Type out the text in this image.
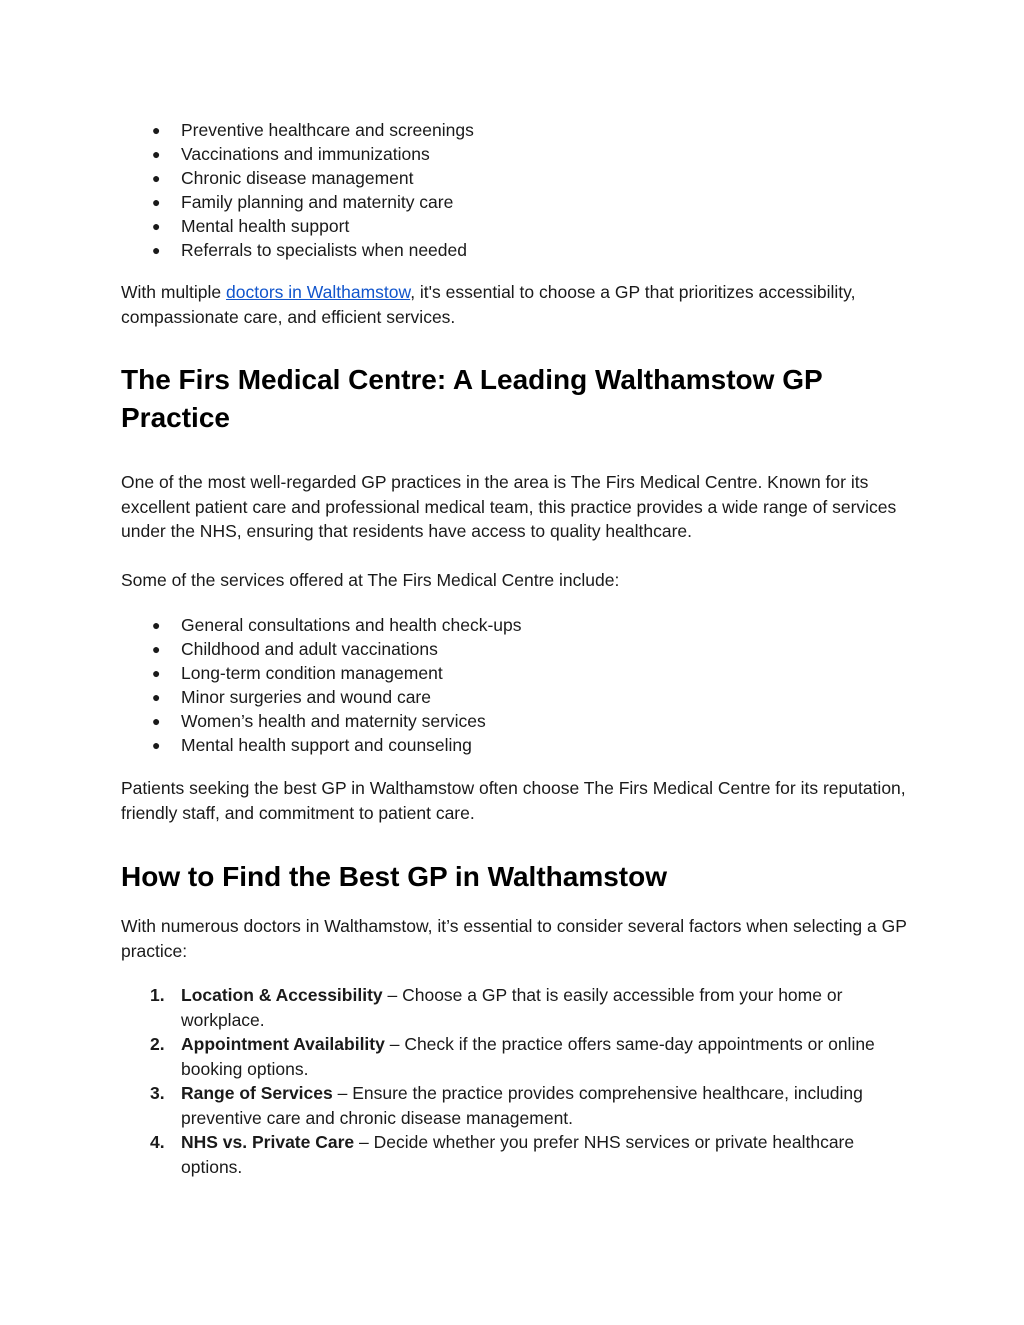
● Preventive healthcare and screenings
● Vaccinations and immunizations
● Chronic disease management
● Family planning and maternity care
● Mental health support
● Referrals to specialists when needed

With multiple doctors in Walthamstow, it's essential to choose a GP that prioritizes accessibility, compassionate care, and efficient services.

The Firs Medical Centre: A Leading Walthamstow GP Practice

One of the most well-regarded GP practices in the area is The Firs Medical Centre. Known for its excellent patient care and professional medical team, this practice provides a wide range of services under the NHS, ensuring that residents have access to quality healthcare.

Some of the services offered at The Firs Medical Centre include:

● General consultations and health check-ups
● Childhood and adult vaccinations
● Long-term condition management
● Minor surgeries and wound care
● Women’s health and maternity services
● Mental health support and counseling

Patients seeking the best GP in Walthamstow often choose The Firs Medical Centre for its reputation, friendly staff, and commitment to patient care.

How to Find the Best GP in Walthamstow

With numerous doctors in Walthamstow, it’s essential to consider several factors when selecting a GP practice:

1. Location & Accessibility – Choose a GP that is easily accessible from your home or workplace.
2. Appointment Availability – Check if the practice offers same-day appointments or online booking options.
3. Range of Services – Ensure the practice provides comprehensive healthcare, including preventive care and chronic disease management.
4. NHS vs. Private Care – Decide whether you prefer NHS services or private healthcare options.
